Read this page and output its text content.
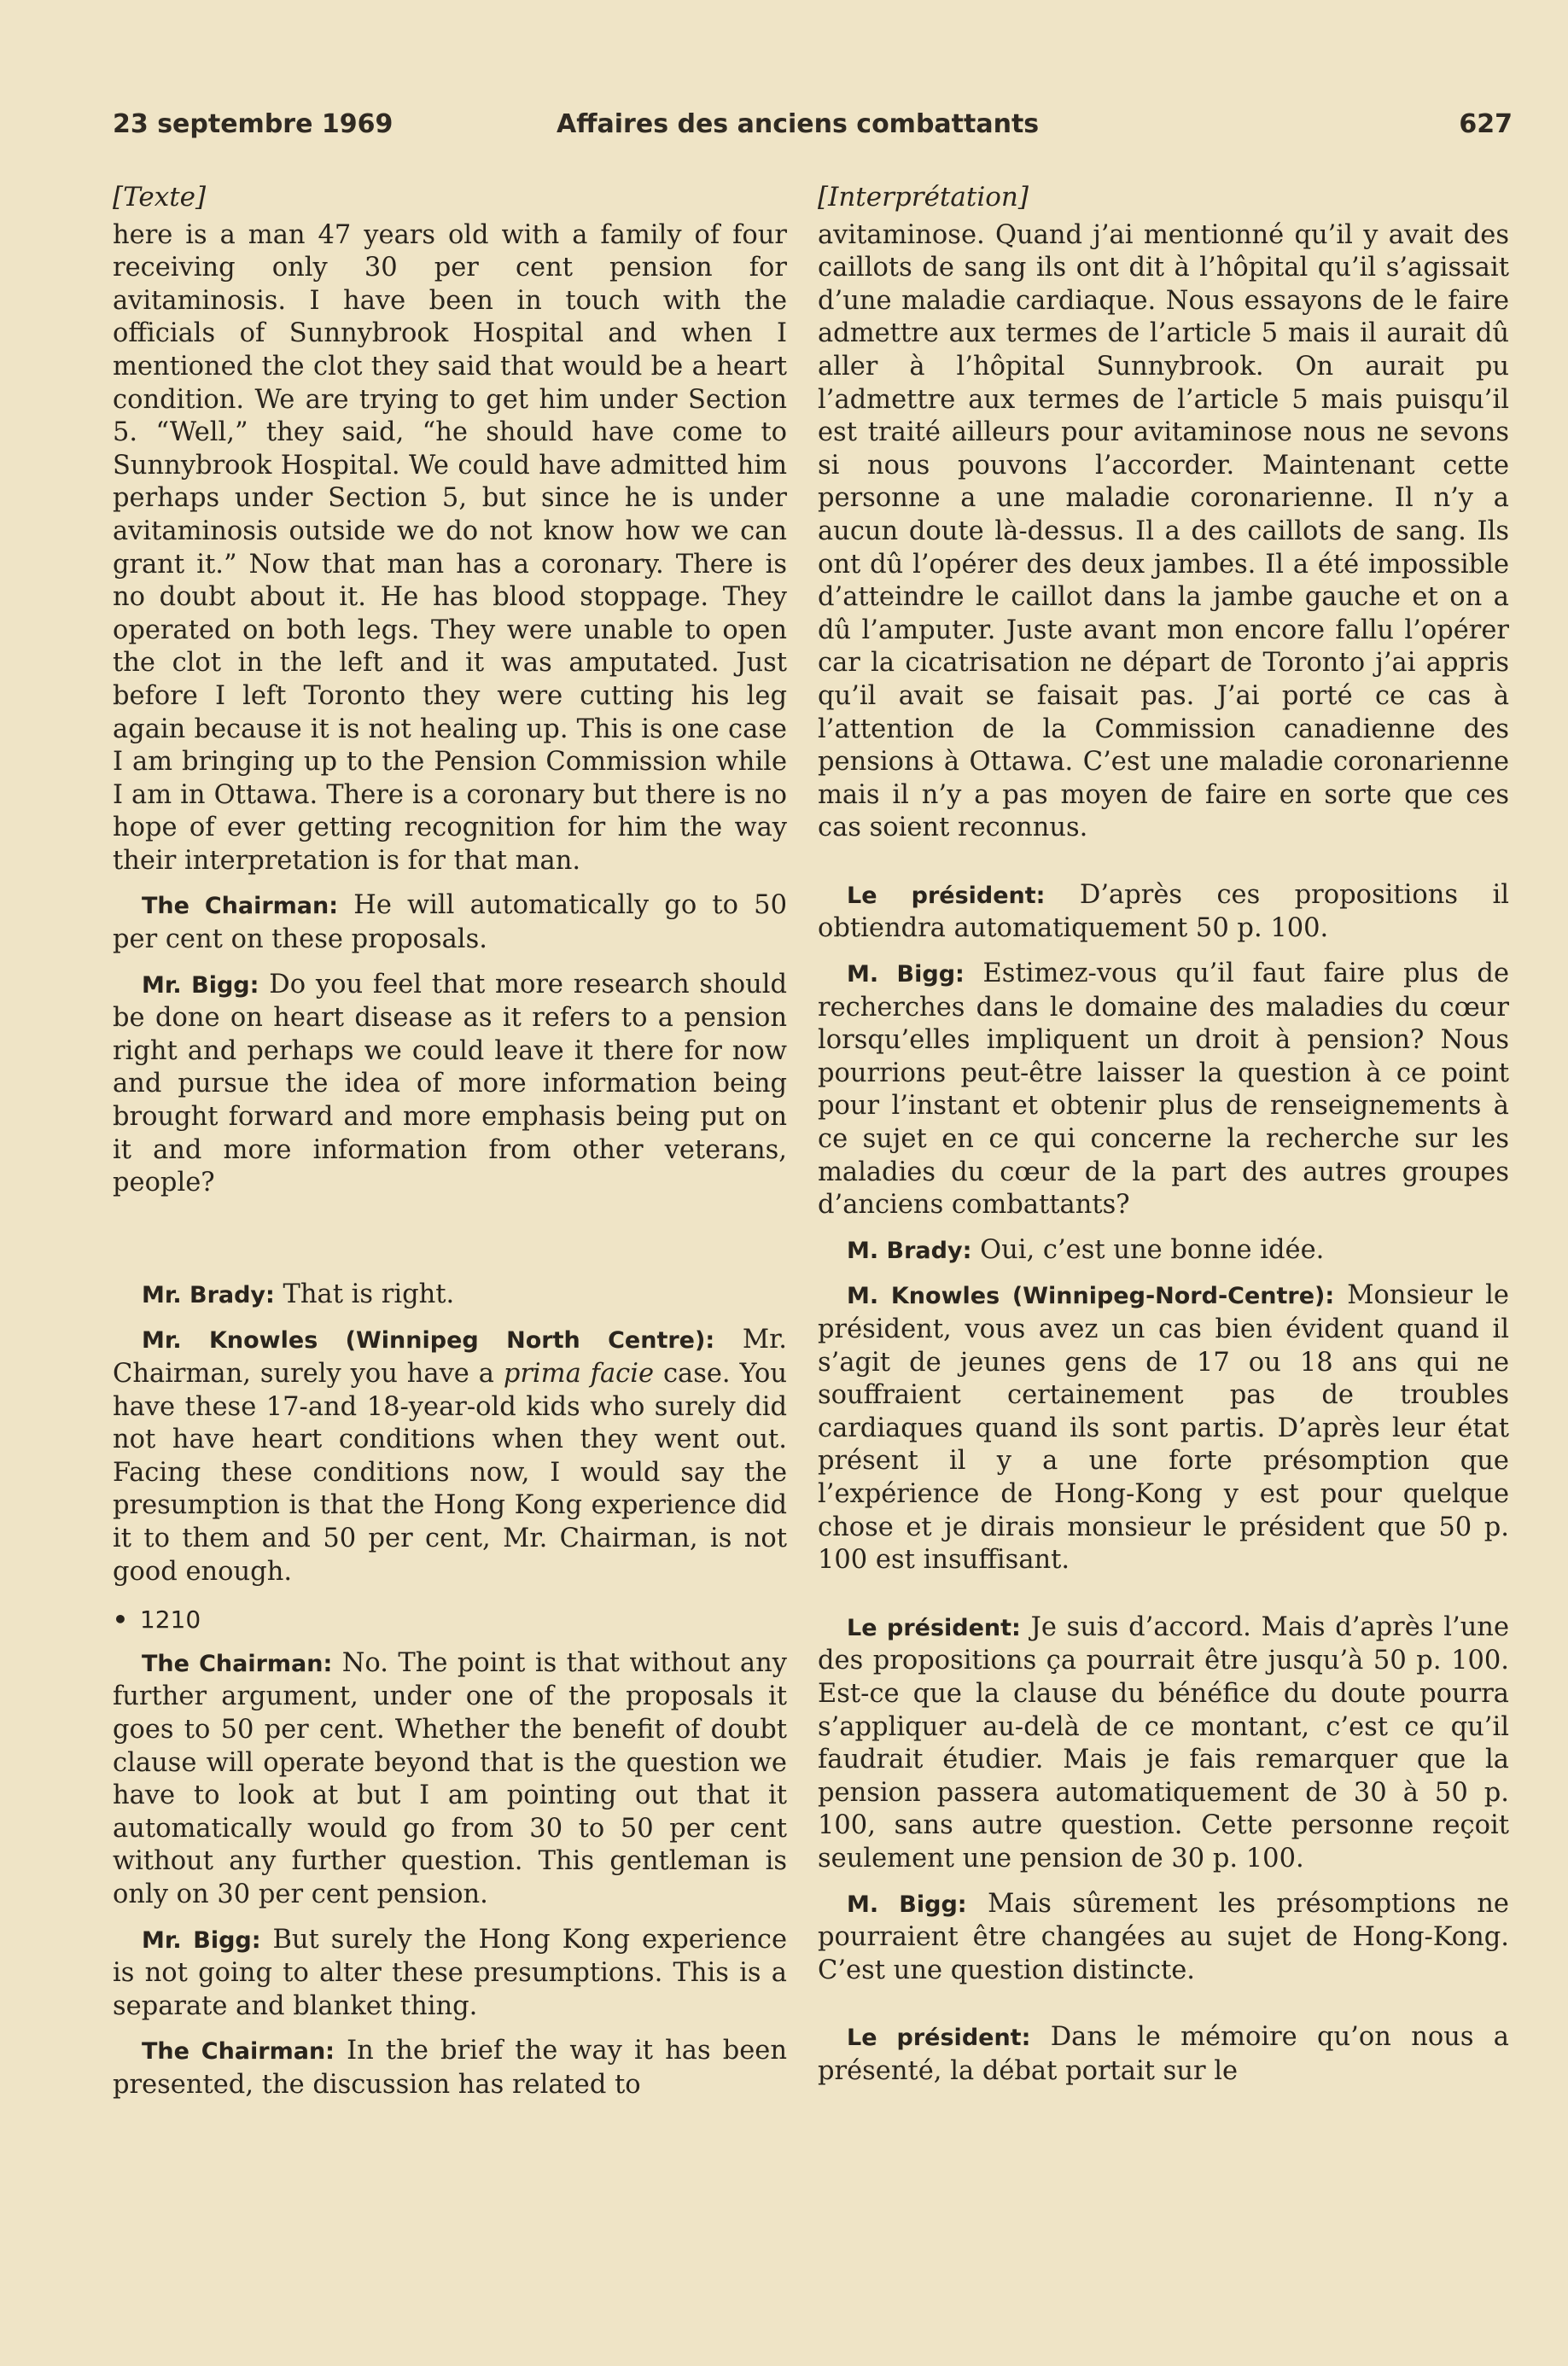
23 septembre 1969	Affaires des anciens combattants	627
[Texte]

here is a man 47 years old with a family of four receiving only 30 per cent pension for avitaminosis. I have been in touch with the officials of Sunnybrook Hospital and when I mentioned the clot they said that would be a heart condition. We are trying to get him under Section 5. “Well,” they said, “he should have come to Sunnybrook Hospital. We could have admitted him perhaps under Section 5, but since he is under avitaminosis outside we do not know how we can grant it.” Now that man has a coronary. There is no doubt about it. He has blood stoppage. They operated on both legs. They were unable to open the clot in the left and it was amputated. Just before I left Toronto they were cutting his leg again because it is not healing up. This is one case I am bringing up to the Pension Commission while I am in Ottawa. There is a coronary but there is no hope of ever getting recognition for him the way their interpretation is for that man.

The Chairman: He will automatically go to 50 per cent on these proposals.

Mr. Bigg: Do you feel that more research should be done on heart disease as it refers to a pension right and perhaps we could leave it there for now and pursue the idea of more information being brought forward and more emphasis being put on it and more information from other veterans, people?

Mr. Brady: That is right.

Mr. Knowles (Winnipeg North Centre): Mr. Chairman, surely you have a prima facie case. You have these 17-and 18-year-old kids who surely did not have heart conditions when they went out. Facing these conditions now, I would say the presumption is that the Hong Kong experience did it to them and 50 per cent, Mr. Chairman, is not good enough.

• 1210

The Chairman: No. The point is that without any further argument, under one of the proposals it goes to 50 per cent. Whether the benefit of doubt clause will operate beyond that is the question we have to look at but I am pointing out that it automatically would go from 30 to 50 per cent without any further question. This gentleman is only on 30 per cent pension.

Mr. Bigg: But surely the Hong Kong experience is not going to alter these presumptions. This is a separate and blanket thing.

The Chairman: In the brief the way it has been presented, the discussion has related to

[Interprétation]

avitaminose. Quand j’ai mentionné qu’il y avait des caillots de sang ils ont dit à l’hôpital qu’il s’agissait d’une maladie cardiaque. Nous essayons de le faire admettre aux termes de l’article 5 mais il aurait dû aller à l’hôpital Sunnybrook. On aurait pu l’admettre aux termes de l’article 5 mais puisqu’il est traité ailleurs pour avitaminose nous ne sevons si nous pouvons l’accorder. Maintenant cette personne a une maladie coronarienne. Il n’y a aucun doute là-dessus. Il a des caillots de sang. Ils ont dû l’opérer des deux jambes. Il a été impossible d’atteindre le caillot dans la jambe gauche et on a dû l’amputer. Juste avant mon encore fallu l’opérer car la cicatrisation ne départ de Toronto j’ai appris qu’il avait se faisait pas. J’ai porté ce cas à l’attention de la Commission canadienne des pensions à Ottawa. C’est une maladie coronarienne mais il n’y a pas moyen de faire en sorte que ces cas soient reconnus.

Le président: D’après ces propositions il obtiendra automatiquement 50 p. 100.

M. Bigg: Estimez-vous qu’il faut faire plus de recherches dans le domaine des maladies du cœur lorsqu’elles impliquent un droit à pension? Nous pourrions peut-être laisser la question à ce point pour l’instant et obtenir plus de renseignements à ce sujet en ce qui concerne la recherche sur les maladies du cœur de la part des autres groupes d’anciens combattants?

M. Brady: Oui, c’est une bonne idée.

M. Knowles (Winnipeg-Nord-Centre): Monsieur le président, vous avez un cas bien évident quand il s’agit de jeunes gens de 17 ou 18 ans qui ne souffraient certainement pas de troubles cardiaques quand ils sont partis. D’après leur état présent il y a une forte présomption que l’expérience de Hong-Kong y est pour quelque chose et je dirais monsieur le président que 50 p. 100 est insuffisant.

Le président: Je suis d’accord. Mais d’après l’une des propositions ça pourrait être jusqu’à 50 p. 100. Est-ce que la clause du bénéfice du doute pourra s’appliquer au-delà de ce montant, c’est ce qu’il faudrait étudier. Mais je fais remarquer que la pension passera automatiquement de 30 à 50 p. 100, sans autre question. Cette personne reçoit seulement une pension de 30 p. 100.

M. Bigg: Mais sûrement les présomptions ne pourraient être changées au sujet de Hong-Kong. C’est une question distincte.

Le président: Dans le mémoire qu’on nous a présenté, la débat portait sur le
